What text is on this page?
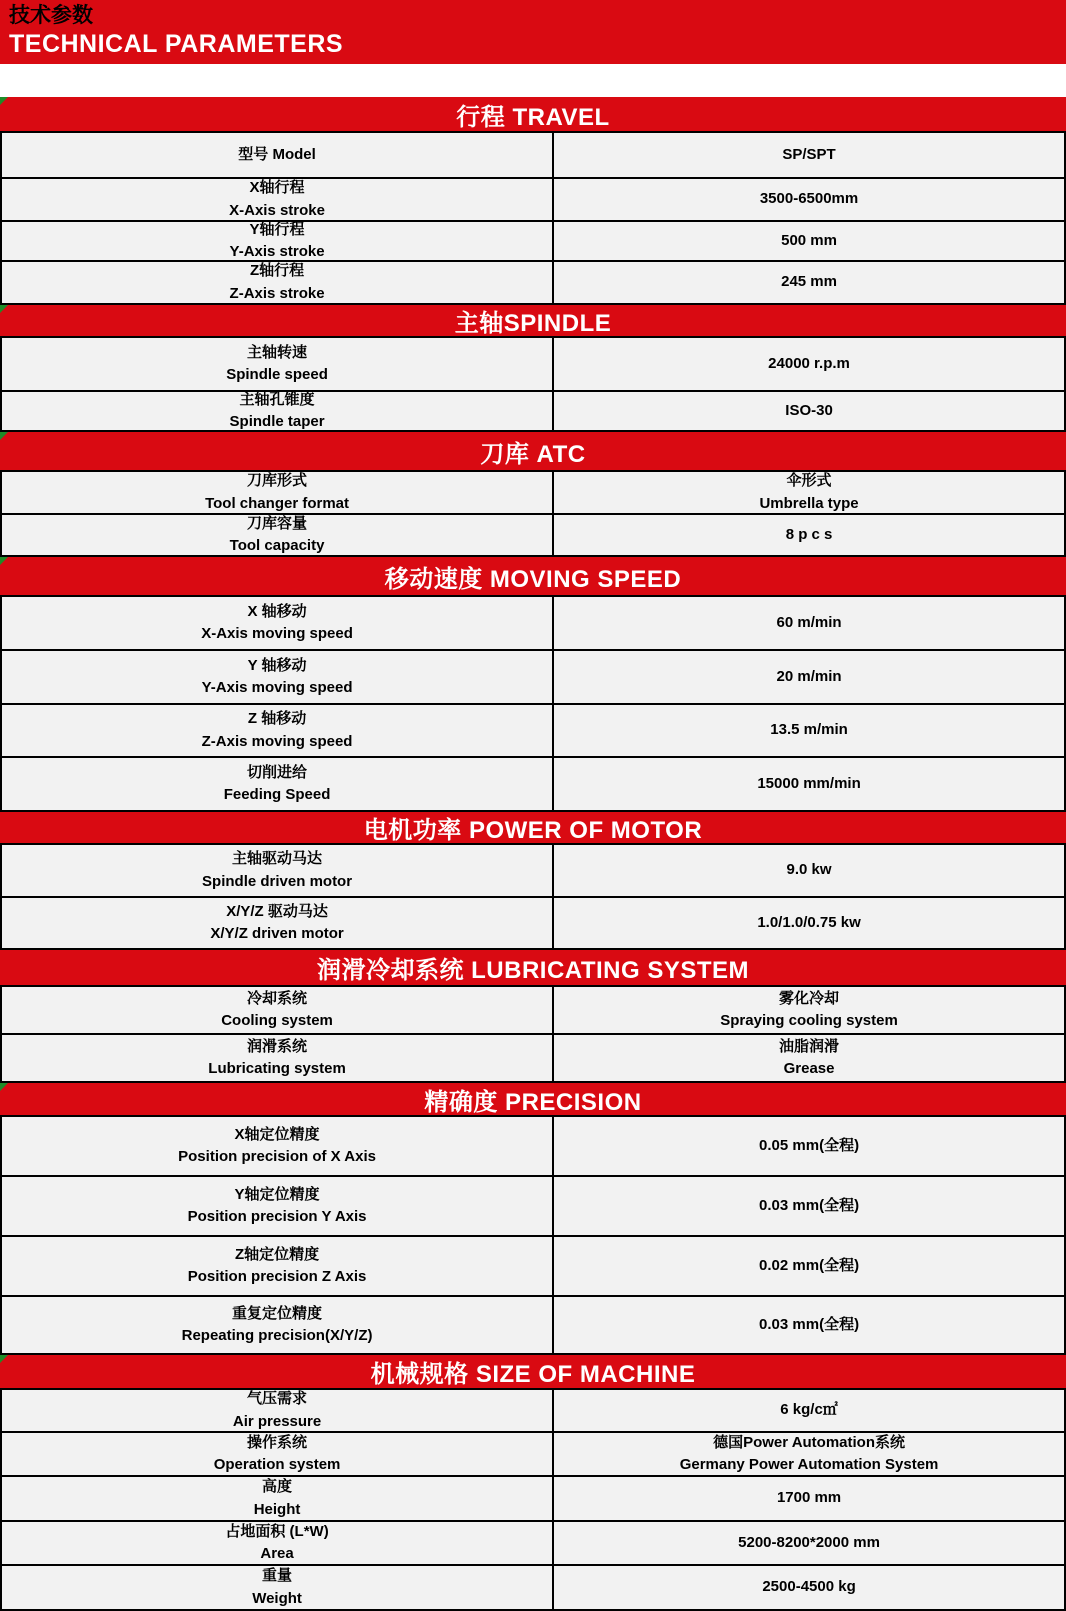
技术参数
TECHNICAL PARAMETERS
行程 TRAVEL
型号 Model	SP/SPT
X轴行程
X-Axis stroke
3500-6500mm
Y轴行程
Y-Axis stroke
500 mm
Z轴行程
Z-Axis stroke
245 mm
主轴SPINDLE
主轴转速
Spindle speed
24000 r.p.m
主轴孔锥度
Spindle taper
ISO-30
刀库 ATC
刀库形式
Tool changer format
伞形式
Umbrella type
刀库容量
Tool capacity
8 p c s
移动速度 MOVING SPEED
X 轴移动
X-Axis moving speed
60 m/min
Y 轴移动
Y-Axis moving speed
20 m/min
Z 轴移动
Z-Axis moving speed
13.5 m/min
切削进给
Feeding Speed
15000 mm/min
电机功率 POWER OF MOTOR
主轴驱动马达
Spindle driven motor
9.0 kw
X/Y/Z 驱动马达
X/Y/Z driven motor
1.0/1.0/0.75 kw
润滑冷却系统 LUBRICATING SYSTEM
冷却系统
Cooling system
雾化冷却
Spraying cooling system
润滑系统
Lubricating system
油脂润滑
Grease
精确度 PRECISION
X轴定位精度
Position precision of X Axis
0.05 mm(全程)
Y轴定位精度
Position precision Y Axis
0.03 mm(全程)
Z轴定位精度
Position precision Z Axis
0.02 mm(全程)
重复定位精度
Repeating precision(X/Y/Z)
0.03 mm(全程)
机械规格 SIZE OF MACHINE
气压需求
Air pressure
6 kg/c㎡
操作系统
Operation system
德国Power Automation系统
Germany Power Automation System
高度
Height
1700 mm
占地面积 (L*W)
Area
5200-8200*2000 mm
重量
Weight
2500-4500 kg
